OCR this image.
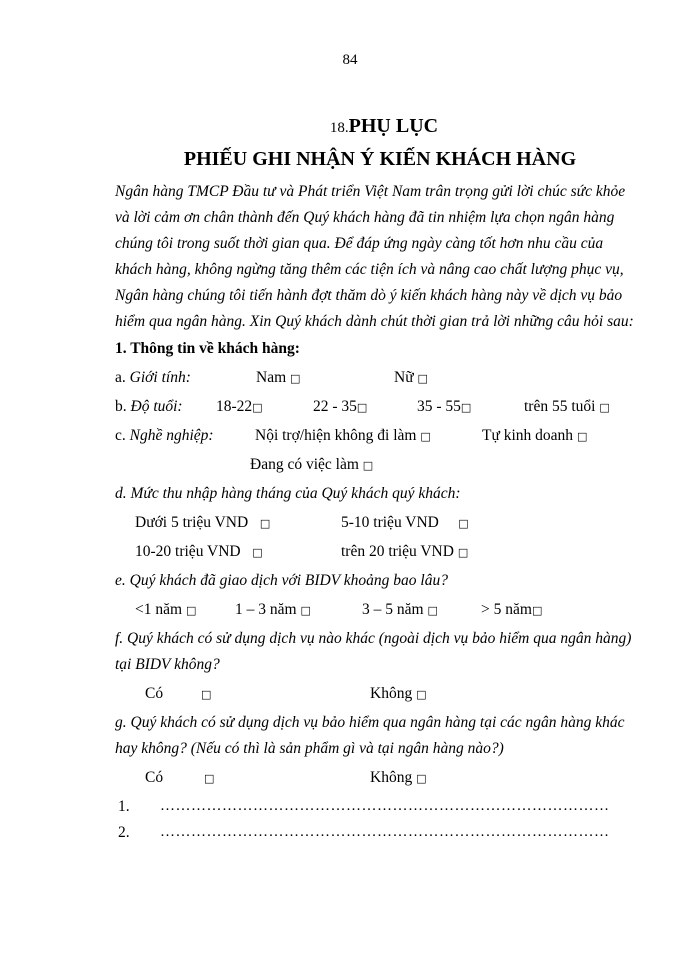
84
18.PHỤ LỤC
PHIẾU GHI NHẬN Ý KIẾN KHÁCH HÀNG
Ngân hàng TMCP Đầu tư và Phát triển Việt Nam trân trọng gửi lời chúc sức khỏe
và lời cảm ơn chân thành đến Quý khách hàng đã tin nhiệm lựa chọn ngân hàng
chúng tôi trong suốt thời gian qua. Để đáp ứng ngày càng tốt hơn nhu cầu của
khách hàng, không ngừng tăng thêm các tiện ích và nâng cao chất lượng phục vụ,
Ngân hàng chúng tôi tiến hành đợt thăm dò ý kiến khách hàng này về dịch vụ bảo
hiểm qua ngân hàng. Xin Quý khách dành chút thời gian trả lời những câu hỏi sau:
1. Thông tin về khách hàng:
a. Giới tính:	Nam □	Nữ □
b. Độ tuổi: 18-22□	22 - 35□	35 - 55□	trên 55 tuổi □
c. Nghề nghiệp:	Nội trợ/hiện không đi làm □	Tự kinh doanh □
Đang có việc làm □
d. Mức thu nhập hàng tháng của Quý khách quý khách:
Dưới 5 triệu VND □	5-10 triệu VND □
10-20 triệu VND □	trên 20 triệu VND □
e. Quý khách đã giao dịch với BIDV khoảng bao lâu?
<1 năm □ 1 – 3 năm □	3 – 5 năm □	> 5 năm□
f. Quý khách có sử dụng dịch vụ nào khác (ngoài dịch vụ bảo hiểm qua ngân hàng)
tại BIDV không?
Có	□	Không □
g. Quý khách có sử dụng dịch vụ bảo hiểm qua ngân hàng tại các ngân hàng khác
hay không? (Nếu có thì là sản phẩm gì và tại ngân hàng nào?)
Có	□	Không □
1. ……………………………………………………………………………
2. ……………………………………………………………………………
